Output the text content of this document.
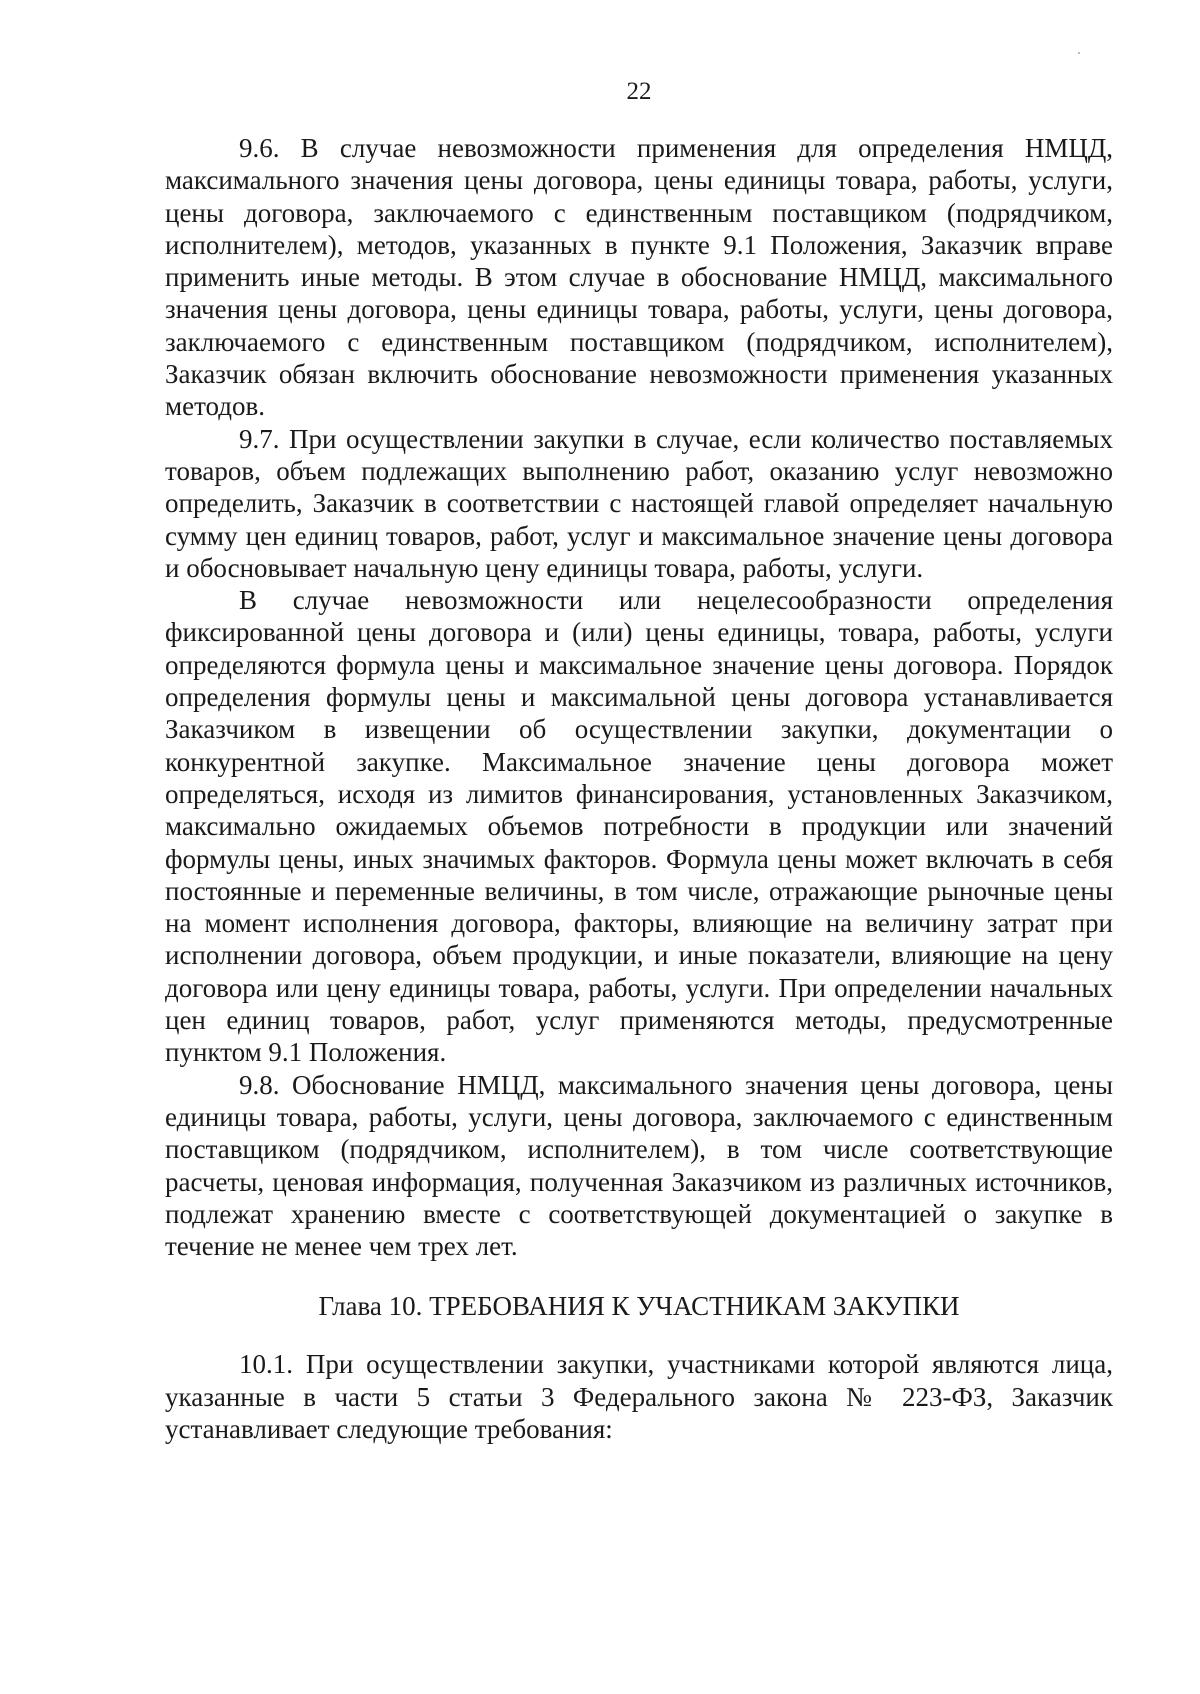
22

9.6. В случае невозможности применения для определения НМЦД, максимального значения цены договора, цены единицы товара, работы, услуги, цены договора, заключаемого с единственным поставщиком (подрядчиком, исполнителем), методов, указанных в пункте 9.1 Положения, Заказчик вправе применить иные методы. В этом случае в обоснование НМЦД, максимального значения цены договора, цены единицы товара, работы, услуги, цены договора, заключаемого с единственным поставщиком (подрядчиком, исполнителем), Заказчик обязан включить обоснование невозможности применения указанных методов.

9.7. При осуществлении закупки в случае, если количество поставляемых товаров, объем подлежащих выполнению работ, оказанию услуг невозможно определить, Заказчик в соответствии с настоящей главой определяет начальную сумму цен единиц товаров, работ, услуг и максимальное значение цены договора и обосновывает начальную цену единицы товара, работы, услуги.

В случае невозможности или нецелесообразности определения фиксированной цены договора и (или) цены единицы, товара, работы, услуги определяются формула цены и максимальное значение цены договора. Порядок определения формулы цены и максимальной цены договора устанавливается Заказчиком в извещении об осуществлении закупки, документации о конкурентной закупке. Максимальное значение цены договора может определяться, исходя из лимитов финансирования, установленных Заказчиком, максимально ожидаемых объемов потребности в продукции или значений формулы цены, иных значимых факторов. Формула цены может включать в себя постоянные и переменные величины, в том числе, отражающие рыночные цены на момент исполнения договора, факторы, влияющие на величину затрат при исполнении договора, объем продукции, и иные показатели, влияющие на цену договора или цену единицы товара, работы, услуги. При определении начальных цен единиц товаров, работ, услуг применяются методы, предусмотренные пунктом 9.1 Положения.

9.8. Обоснование НМЦД, максимального значения цены договора, цены единицы товара, работы, услуги, цены договора, заключаемого с единственным поставщиком (подрядчиком, исполнителем), в том числе соответствующие расчеты, ценовая информация, полученная Заказчиком из различных источников, подлежат хранению вместе с соответствующей документацией о закупке в течение не менее чем трех лет.

Глава 10. ТРЕБОВАНИЯ К УЧАСТНИКАМ ЗАКУПКИ

10.1. При осуществлении закупки, участниками которой являются лица, указанные в части 5 статьи 3 Федерального закона № 223-ФЗ, Заказчик устанавливает следующие требования:
